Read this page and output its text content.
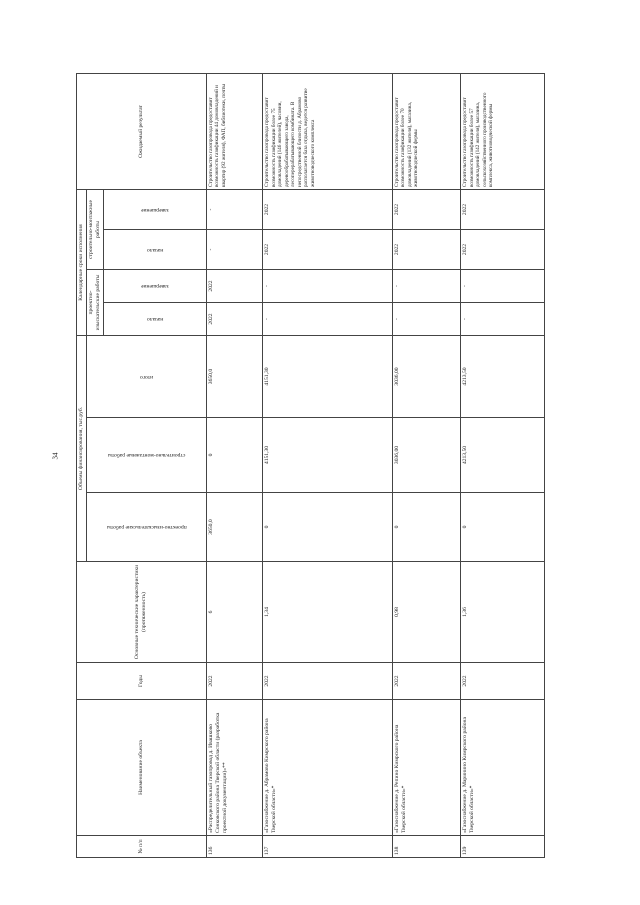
34
№ п/п	Наименование объекта	Годы	Основные технические характеристики (протяженность)	Объемы финансирования, тыс.руб.			Календарные сроки исполнения				Ожидаемый результат

				проектно-изыскательские работы	строительно-монтажные работы	итого	проектно-изыскательские работы		строительно-монтажные работы		

							начало	завершение	начало	завершение	

136	«Распределительный газопровод д. Ивашково Сонковского района Тверской области (разработка проектной документации)»**	2022	6	3650,0	0	3650,0	2022	2022	-	-	Строительство газопровода предоставит возможность газификации 44 домовладений и квартир (92 жителя), ФАП, библиотеки, почты
137	«Газоснабжение д. Абрамово Кимрского района Тверской области»*	2022	1,34	0	4151,30	4151,30	-	-	2022	2022	Строительство газопровода предоставит возможность газификации более 75 домовладений (146 жителей), часовни, деревообрабатывающего завода, лесоперерабатывающего комбината. В непосредственной близости д. Абрамово располагается база отдыха, ведется развитие животноводческого комплекса
138	«Газоснабжение д. Репино Кимрского района Тверской области»*	2022	0,98	0	3036,00	3036,00	-	-	2022	2022	Строительство газопровода предоставит возможность газификации более 70 домовладений (132 жителя), магазина, животноводческой фермы
139	«Газоснабжение д. Маринино Кимрского района Тверской области»*	2022	1,36	0	4213,50	4213,50	-	-	2022	2022	Строительство газопровода предоставит возможность газификации более 57 домовладений (142 жителя), магазина, сельскохозяйственного производственного комплекса, животноводческой фермы
